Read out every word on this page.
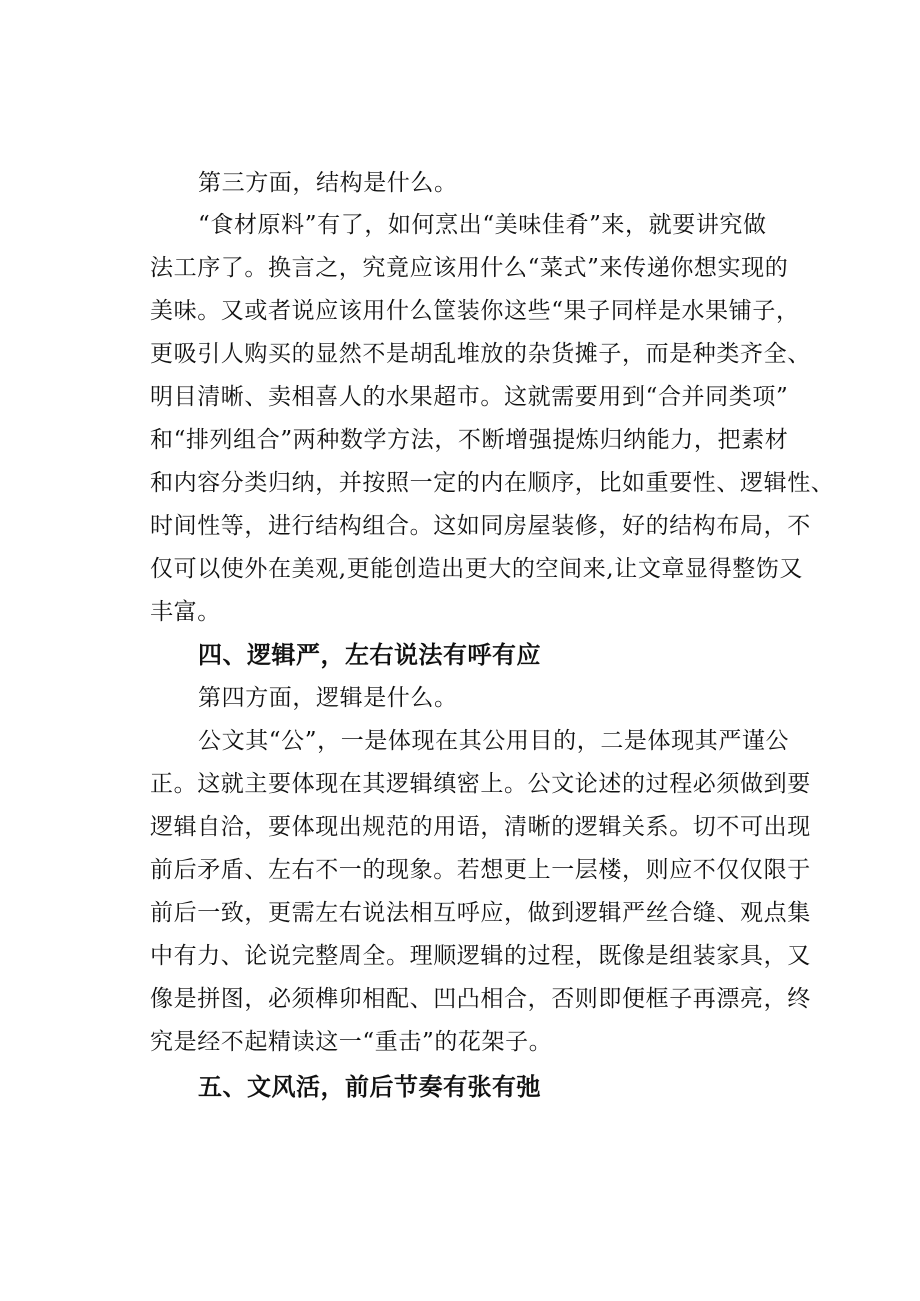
第三方面，结构是什么。
“食材原料”有了，如何烹出“美味佳肴”来，就要讲究做
法工序了。换言之，究竟应该用什么“菜式”来传递你想实现的
美味。又或者说应该用什么筐装你这些“果子同样是水果铺子，
更吸引人购买的显然不是胡乱堆放的杂货摊子，而是种类齐全、
明目清晰、卖相喜人的水果超市。这就需要用到“合并同类项”
和“排列组合”两种数学方法，不断增强提炼归纳能力，把素材
和内容分类归纳，并按照一定的内在顺序，比如重要性、逻辑性、
时间性等，进行结构组合。这如同房屋装修，好的结构布局，不
仅可以使外在美观,更能创造出更大的空间来,让文章显得整饬又
丰富。
四、逻辑严，左右说法有呼有应
第四方面，逻辑是什么。
公文其“公”，一是体现在其公用目的，二是体现其严谨公
正。这就主要体现在其逻辑缜密上。公文论述的过程必须做到要
逻辑自洽，要体现出规范的用语，清晰的逻辑关系。切不可出现
前后矛盾、左右不一的现象。若想更上一层楼，则应不仅仅限于
前后一致，更需左右说法相互呼应，做到逻辑严丝合缝、观点集
中有力、论说完整周全。理顺逻辑的过程，既像是组装家具，又
像是拼图，必须榫卯相配、凹凸相合，否则即便框子再漂亮，终
究是经不起精读这一“重击”的花架子。
五、文风活，前后节奏有张有弛
